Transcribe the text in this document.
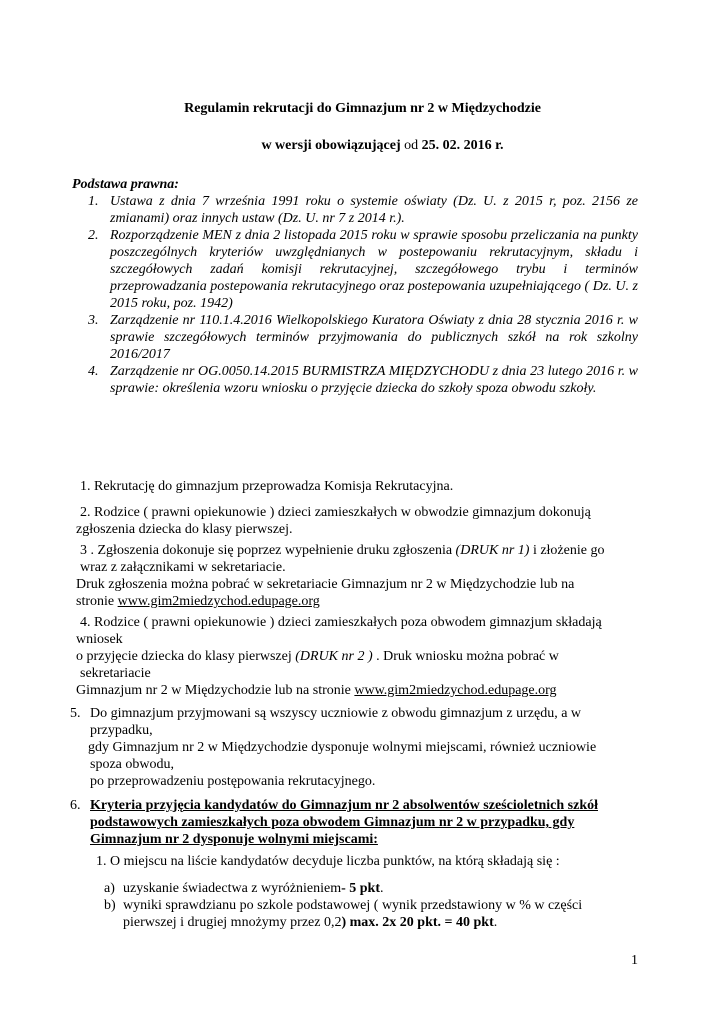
Regulamin rekrutacji do Gimnazjum nr 2 w Międzychodzie
w wersji obowiązującej od 25. 02. 2016 r.
Podstawa prawna:
1. Ustawa z dnia 7 września 1991 roku o systemie oświaty (Dz. U. z 2015 r, poz. 2156 ze zmianami) oraz innych ustaw (Dz. U. nr 7 z 2014 r.).
2. Rozporządzenie MEN z dnia 2 listopada 2015 roku w sprawie sposobu przeliczania na punkty poszczególnych kryteriów uwzględnianych w postepowaniu rekrutacyjnym, składu i szczegółowych zadań komisji rekrutacyjnej, szczegółowego trybu i terminów przeprowadzania postepowania rekrutacyjnego oraz postepowania uzupełniającego ( Dz. U. z 2015 roku, poz. 1942)
3. Zarządzenie nr 110.1.4.2016 Wielkopolskiego Kuratora Oświaty z dnia 28 stycznia 2016 r. w sprawie szczegółowych terminów przyjmowania do publicznych szkół na rok szkolny 2016/2017
4. Zarządzenie nr OG.0050.14.2015 BURMISTRZA MIĘDZYCHODU z dnia 23 lutego 2016 r. w sprawie: określenia wzoru wniosku o przyjęcie dziecka do szkoły spoza obwodu szkoły.
1. Rekrutację do gimnazjum przeprowadza Komisja Rekrutacyjna.
2. Rodzice ( prawni opiekunowie ) dzieci zamieszkałych w obwodzie gimnazjum dokonują
zgłoszenia dziecka do klasy pierwszej.
3 . Zgłoszenia dokonuje się poprzez wypełnienie druku zgłoszenia (DRUK nr 1) i złożenie go
wraz z załącznikami w sekretariacie.
Druk zgłoszenia można pobrać w sekretariacie Gimnazjum nr 2 w Międzychodzie lub na
stronie www.gim2miedzychod.edupage.org
4. Rodzice ( prawni opiekunowie ) dzieci zamieszkałych poza obwodem gimnazjum składają
wniosek
o przyjęcie dziecka do klasy pierwszej (DRUK nr 2 ) . Druk wniosku można pobrać w
sekretariacie
Gimnazjum nr 2 w Międzychodzie lub na stronie www.gim2miedzychod.edupage.org
5. Do gimnazjum przyjmowani są wszyscy uczniowie z obwodu gimnazjum z urzędu, a w
przypadku,
gdy Gimnazjum nr 2 w Międzychodzie dysponuje wolnymi miejscami, również uczniowie
spoza obwodu,
po przeprowadzeniu postępowania rekrutacyjnego.
6. Kryteria przyjęcia kandydatów do Gimnazjum nr 2 absolwentów sześcioletnich szkół
podstawowych zamieszkałych poza obwodem Gimnazjum nr 2 w przypadku, gdy
Gimnazjum nr 2 dysponuje wolnymi miejscami:
1. O miejscu na liście kandydatów decyduje liczba punktów, na którą składają się :
a) uzyskanie świadectwa z wyróżnieniem- 5 pkt.
b) wyniki sprawdzianu po szkole podstawowej ( wynik przedstawiony w % w części
pierwszej i drugiej mnożymy przez 0,2) max. 2x 20 pkt. = 40 pkt.
1
